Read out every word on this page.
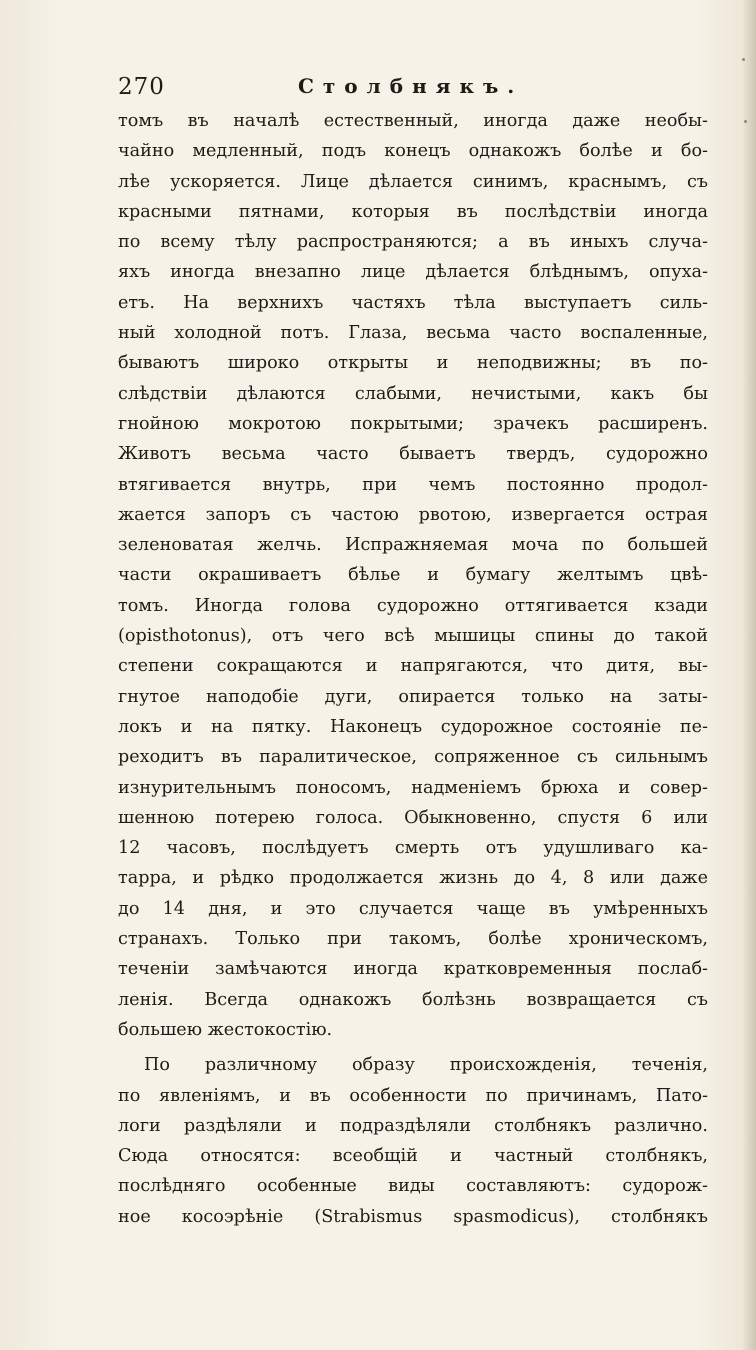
270	Столбнякъ.
томъ въ началѣ естественный, иногда даже необы-
чайно медленный, подъ конецъ однакожъ болѣе и бо-
лѣе ускоряется. Лице дѣлается синимъ, краснымъ, съ
красными пятнами, которыя въ послѣдствіи иногда
по всему тѣлу распространяются; а въ иныхъ случа-
яхъ иногда внезапно лице дѣлается блѣднымъ, опуха-
етъ. На верхнихъ частяхъ тѣла выступаетъ силь-
ный холодной потъ. Глаза, весьма часто воспаленные,
бываютъ широко открыты и неподвижны; въ по-
слѣдствіи дѣлаются слабыми, нечистыми, какъ бы
гнойною мокротою покрытыми; зрачекъ расширенъ.
Животъ весьма часто бываетъ твердъ, судорожно
втягивается внутрь, при чемъ постоянно продол-
жается запоръ съ частою рвотою, извергается острая
зеленоватая желчь. Испражняемая моча по большей
части окрашиваетъ бѣлье и бумагу желтымъ цвѣ-
томъ. Иногда голова судорожно оттягивается кзади
(opisthotonus), отъ чего всѣ мышицы спины до такой
степени сокращаются и напрягаются, что дитя, вы-
гнутое наподобіе дуги, опирается только на заты-
локъ и на пятку. Наконецъ судорожное состояніе пе-
реходитъ въ паралитическое, сопряженное съ сильнымъ
изнурительнымъ поносомъ, надменіемъ брюха и совер-
шенною потерею голоса. Обыкновенно, спустя 6 или
12 часовъ, послѣдуетъ смерть отъ удушливаго ка-
тарра, и рѣдко продолжается жизнь до 4, 8 или даже
до 14 дня, и это случается чаще въ умѣренныхъ
странахъ. Только при такомъ, болѣе хроническомъ,
теченіи замѣчаются иногда кратковременныя послаб-
ленія. Всегда однакожъ болѣзнь возвращается съ
большею жестокостію.
По различному образу происхожденія, теченія,
по явленіямъ, и въ особенности по причинамъ, Пато-
логи раздѣляли и подраздѣляли столбнякъ различно.
Сюда относятся: всеобщій и частный столбнякъ,
послѣдняго особенные виды составляютъ: судорож-
ное косоэрѣніе (Strabismus spasmodicus), столбнякъ
